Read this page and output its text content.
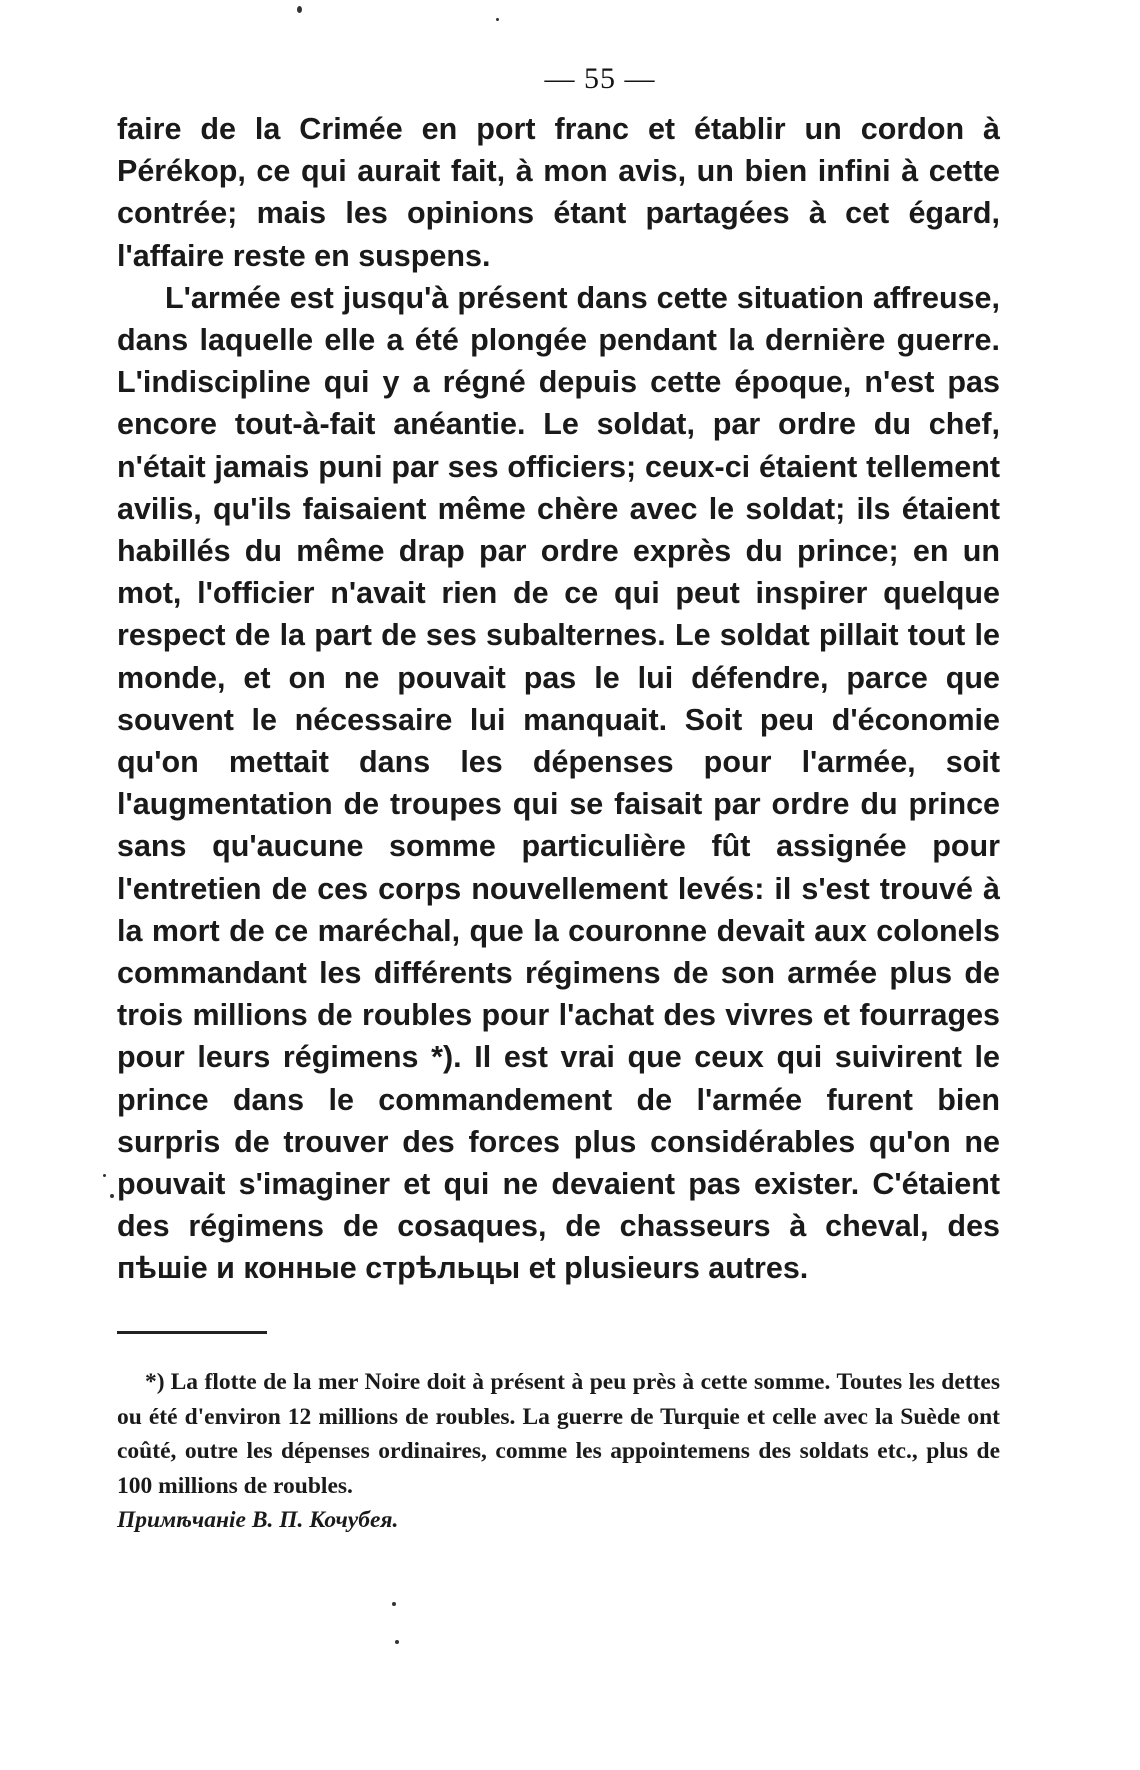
— 55 —

faire de la Crimée en port franc et établir un cordon à Pérékop, ce qui aurait fait, à mon avis, un bien infini à cette contrée; mais les opinions étant partagées à cet égard, l'affaire reste en suspens.

L'armée est jusqu'à présent dans cette situation affreuse, dans laquelle elle a été plongée pendant la dernière guerre. L'indiscipline qui y a régné depuis cette époque, n'est pas encore tout-à-fait anéantie. Le soldat, par ordre du chef, n'était jamais puni par ses officiers; ceux-ci étaient tellement avilis, qu'ils faisaient même chère avec le soldat; ils étaient habillés du même drap par ordre exprès du prince; en un mot, l'officier n'avait rien de ce qui peut inspirer quelque respect de la part de ses subalternes. Le soldat pillait tout le monde, et on ne pouvait pas le lui défendre, parce que souvent le nécessaire lui manquait. Soit peu d'économie qu'on mettait dans les dépenses pour l'armée, soit l'augmentation de troupes qui se faisait par ordre du prince sans qu'aucune somme particulière fût assignée pour l'entretien de ces corps nouvellement levés: il s'est trouvé à la mort de ce maréchal, que la couronne devait aux colonels commandant les différents régimens de son armée plus de trois millions de roubles pour l'achat des vivres et fourrages pour leurs régimens *). Il est vrai que ceux qui suivirent le prince dans le commandement de l'armée furent bien surpris de trouver des forces plus considérables qu'on ne pouvait s'imaginer et qui ne devaient pas exister. C'étaient des régimens de cosaques, de chasseurs à cheval, des пѣшіе и конные стрѣльцы et plusieurs autres.

*) La flotte de la mer Noire doit à présent à peu près à cette somme. Toutes les dettes ou été d'environ 12 millions de roubles. La guerre de Turquie et celle avec la Suède ont coûté, outre les dépenses ordinaires, comme les appointemens des soldats etc., plus de 100 millions de roubles.

Примѣчаніе В. П. Кочубея.
